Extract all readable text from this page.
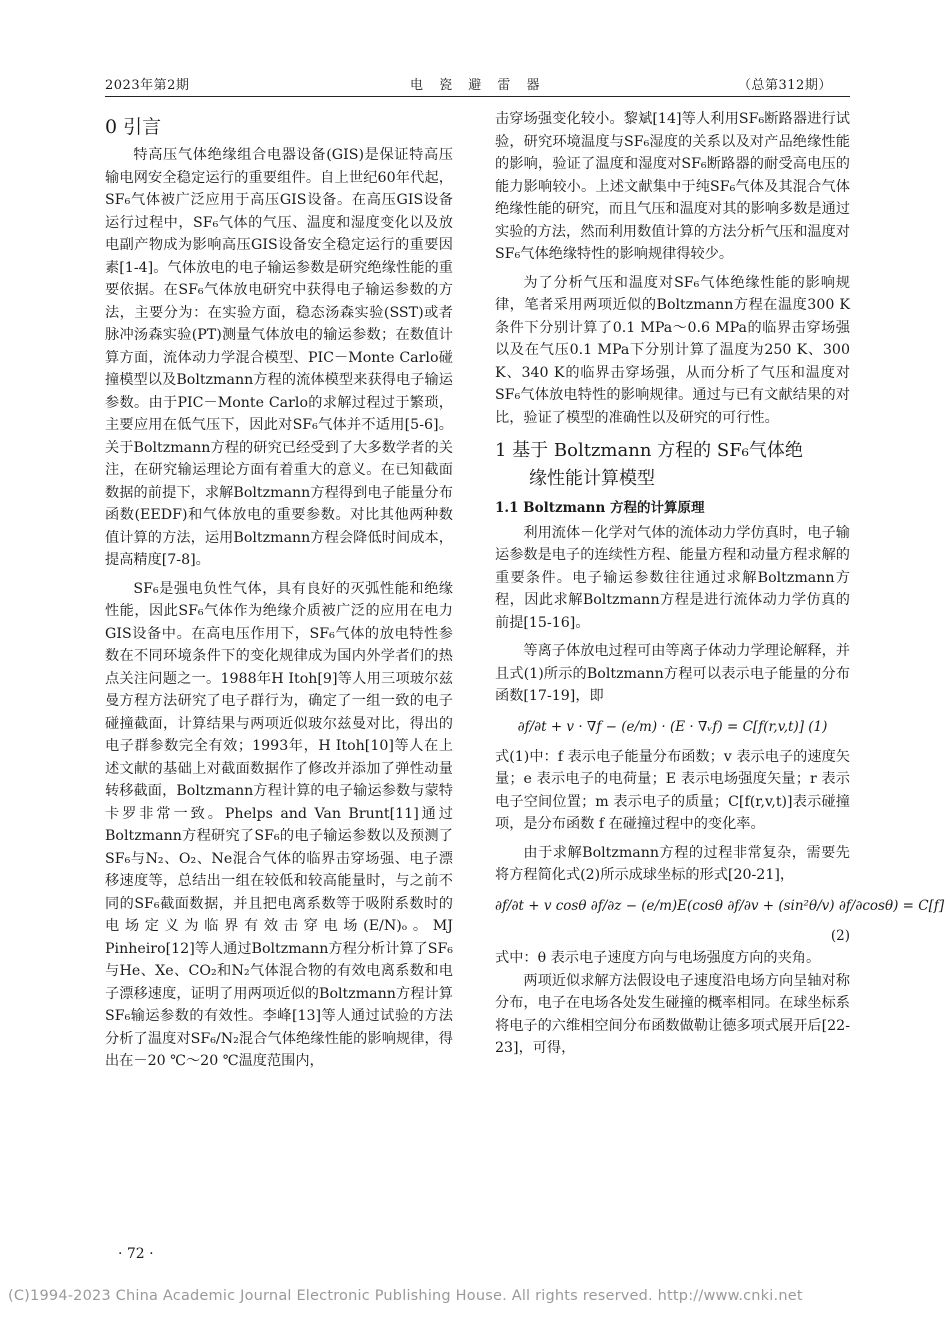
2023年第2期	电 瓷 避 雷 器	（总第312期）
0 引言

特高压气体绝缘组合电器设备(GIS)是保证特高压输电网安全稳定运行的重要组件。自上世纪60年代起，SF₆气体被广泛应用于高压GIS设备。在高压GIS设备运行过程中，SF₆气体的气压、温度和湿度变化以及放电副产物成为影响高压GIS设备安全稳定运行的重要因素[1-4]。气体放电的电子输运参数是研究绝缘性能的重要依据。在SF₆气体放电研究中获得电子输运参数的方法，主要分为：在实验方面，稳态汤森实验(SST)或者脉冲汤森实验(PT)测量气体放电的输运参数；在数值计算方面，流体动力学混合模型、PIC－Monte Carlo碰撞模型以及Boltzmann方程的流体模型来获得电子输运参数。由于PIC－Monte Carlo的求解过程过于繁琐，主要应用在低气压下，因此对SF₆气体并不适用[5-6]。关于Boltzmann方程的研究已经受到了大多数学者的关注，在研究输运理论方面有着重大的意义。在已知截面数据的前提下，求解Boltzmann方程得到电子能量分布函数(EEDF)和气体放电的重要参数。对比其他两种数值计算的方法，运用Boltzmann方程会降低时间成本，提高精度[7-8]。

SF₆是强电负性气体，具有良好的灭弧性能和绝缘性能，因此SF₆气体作为绝缘介质被广泛的应用在电力GIS设备中。在高电压作用下，SF₆气体的放电特性参数在不同环境条件下的变化规律成为国内外学者们的热点关注问题之一。1988年H Itoh[9]等人用三项玻尔兹曼方程方法研究了电子群行为，确定了一组一致的电子碰撞截面，计算结果与两项近似玻尔兹曼对比，得出的电子群参数完全有效；1993年，H Itoh[10]等人在上述文献的基础上对截面数据作了修改并添加了弹性动量转移截面，Boltzmann方程计算的电子输运参数与蒙特卡罗非常一致。Phelps and Van Brunt[11]通过Boltzmann方程研究了SF₆的电子输运参数以及预测了SF₆与N₂、O₂、Ne混合气体的临界击穿场强、电子漂移速度等，总结出一组在较低和较高能量时，与之前不同的SF₆截面数据，并且把电离系数等于吸附系数时的电场定义为临界有效击穿电场(E/N)ₒ。MJ Pinheiro[12]等人通过Boltzmann方程分析计算了SF₆与He、Xe、CO₂和N₂气体混合物的有效电离系数和电子漂移速度，证明了用两项近似的Boltzmann方程计算SF₆输运参数的有效性。李峰[13]等人通过试验的方法分析了温度对SF₆/N₂混合气体绝缘性能的影响规律，得出在－20 ℃～20 ℃温度范围内，

击穿场强变化较小。黎斌[14]等人利用SF₆断路器进行试验，研究环境温度与SF₆湿度的关系以及对产品绝缘性能的影响，验证了温度和湿度对SF₆断路器的耐受高电压的能力影响较小。上述文献集中于纯SF₆气体及其混合气体绝缘性能的研究，而且气压和温度对其的影响多数是通过实验的方法，然而利用数值计算的方法分析气压和温度对SF₆气体绝缘特性的影响规律得较少。

为了分析气压和温度对SF₆气体绝缘性能的影响规律，笔者采用两项近似的Boltzmann方程在温度300 K条件下分别计算了0.1 MPa～0.6 MPa的临界击穿场强以及在气压0.1 MPa下分别计算了温度为250 K、300 K、340 K的临界击穿场强，从而分析了气压和温度对SF₆气体放电特性的影响规律。通过与已有文献结果的对比，验证了模型的准确性以及研究的可行性。

1 基于 Boltzmann 方程的 SF₆气体绝
缘性能计算模型
1.1 Boltzmann 方程的计算原理

利用流体－化学对气体的流体动力学仿真时，电子输运参数是电子的连续性方程、能量方程和动量方程求解的重要条件。电子输运参数往往通过求解Boltzmann方程，因此求解Boltzmann方程是进行流体动力学仿真的前提[15-16]。

等离子体放电过程可由等离子体动力学理论解释，并且式(1)所示的Boltzmann方程可以表示电子能量的分布函数[17-19]，即

∂f/∂t + v · ∇f − (e/m) · (E · ∇ᵥf) = C[f(r,v,t)] (1)

式(1)中：f 表示电子能量分布函数；v 表示电子的速度矢量；e 表示电子的电荷量；E 表示电场强度矢量；r 表示电子空间位置；m 表示电子的质量；C[f(r,v,t)]表示碰撞项，是分布函数 f 在碰撞过程中的变化率。

由于求解Boltzmann方程的过程非常复杂，需要先将方程简化式(2)所示成球坐标的形式[20-21]，

∂f/∂t + v cosθ ∂f/∂z − (e/m)E(cosθ ∂f/∂v + (sin²θ/v) ∂f/∂cosθ) = C[f]
(2)

式中：θ 表示电子速度方向与电场强度方向的夹角。

两项近似求解方法假设电子速度沿电场方向呈轴对称分布，电子在电场各处发生碰撞的概率相同。在球坐标系将电子的六维相空间分布函数做勒让德多项式展开后[22-23]，可得，

· 72 ·
(C)1994-2023 China Academic Journal Electronic Publishing House. All rights reserved. http://www.cnki.net
